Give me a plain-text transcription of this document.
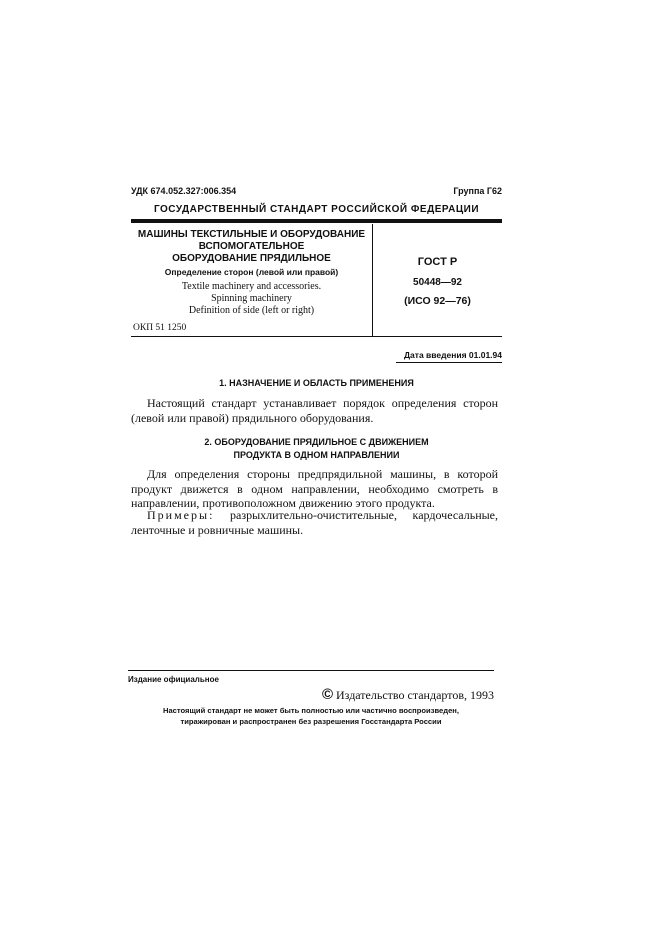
УДК 674.052.327:006.354	Группа Г62
ГОСУДАРСТВЕННЫЙ СТАНДАРТ РОССИЙСКОЙ ФЕДЕРАЦИИ
МАШИНЫ ТЕКСТИЛЬНЫЕ И ОБОРУДОВАНИЕ
ВСПОМОГАТЕЛЬНОЕ
ОБОРУДОВАНИЕ ПРЯДИЛЬНОЕ
Определение сторон (левой или правой)
Textile machinery and accessories.
Spinning machinery
Definition of side (left or right)
ОКП 51 1250
ГОСТ Р
50448—92
(ИСО 92—76)
Дата введения 01.01.94
1. НАЗНАЧЕНИЕ И ОБЛАСТЬ ПРИМЕНЕНИЯ
Настоящий стандарт устанавливает порядок определения сторон (левой или правой) прядильного оборудования.
2. ОБОРУДОВАНИЕ ПРЯДИЛЬНОЕ С ДВИЖЕНИЕМ
ПРОДУКТА В ОДНОМ НАПРАВЛЕНИИ
Для определения стороны предпрядильной машины, в которой продукт движется в одном направлении, необходимо смотреть в направлении, противоположном движению этого продукта.
Примеры: разрыхлительно-очистительные, кардочесальные, ленточные и ровничные машины.
Издание официальное
© Издательство стандартов, 1993
Настоящий стандарт не может быть полностью или частично воспроизведен,
тиражирован и распространен без разрешения Госстандарта России
